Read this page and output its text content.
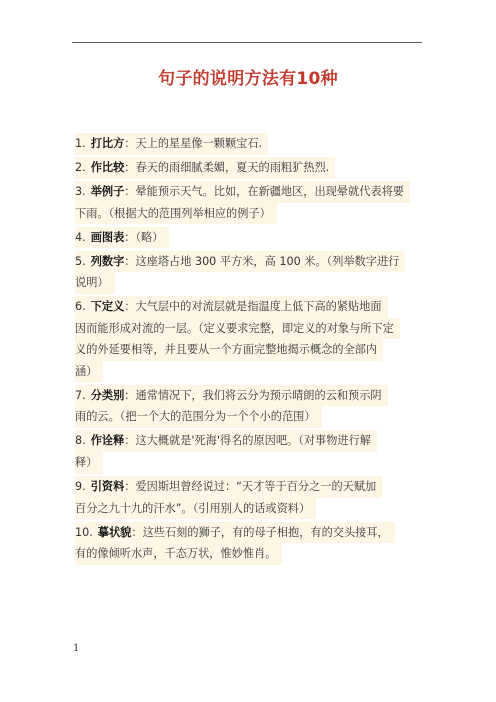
句子的说明方法有10种
1. 打比方：天上的星星像一颗颗宝石.
2. 作比较：春天的雨细腻柔媚，夏天的雨粗犷热烈.
3. 举例子：晕能预示天气。比如，在新疆地区，出现晕就代表将要
下雨。（根据大的范围列举相应的例子）
4. 画图表：（略）
5. 列数字：这座塔占地 300 平方米，高 100 米。（列举数字进行
说明）
6. 下定义：大气层中的对流层就是指温度上低下高的紧贴地面
因而能形成对流的一层。（定义要求完整，即定义的对象与所下定
义的外延要相等，并且要从一个方面完整地揭示概念的全部内
涵）
7. 分类别：通常情况下，我们将云分为预示晴朗的云和预示阴
雨的云。（把一个大的范围分为一个个小的范围）
8. 作诠释：这大概就是'死海'得名的原因吧。（对事物进行解
释）
9. 引资料：爱因斯坦曾经说过：“天才等于百分之一的天赋加
百分之九十九的汗水”。（引用别人的话或资料）
10. 摹状貌：这些石刻的狮子，有的母子相抱，有的交头接耳，
有的像倾听水声，千态万状，惟妙惟肖。
1
